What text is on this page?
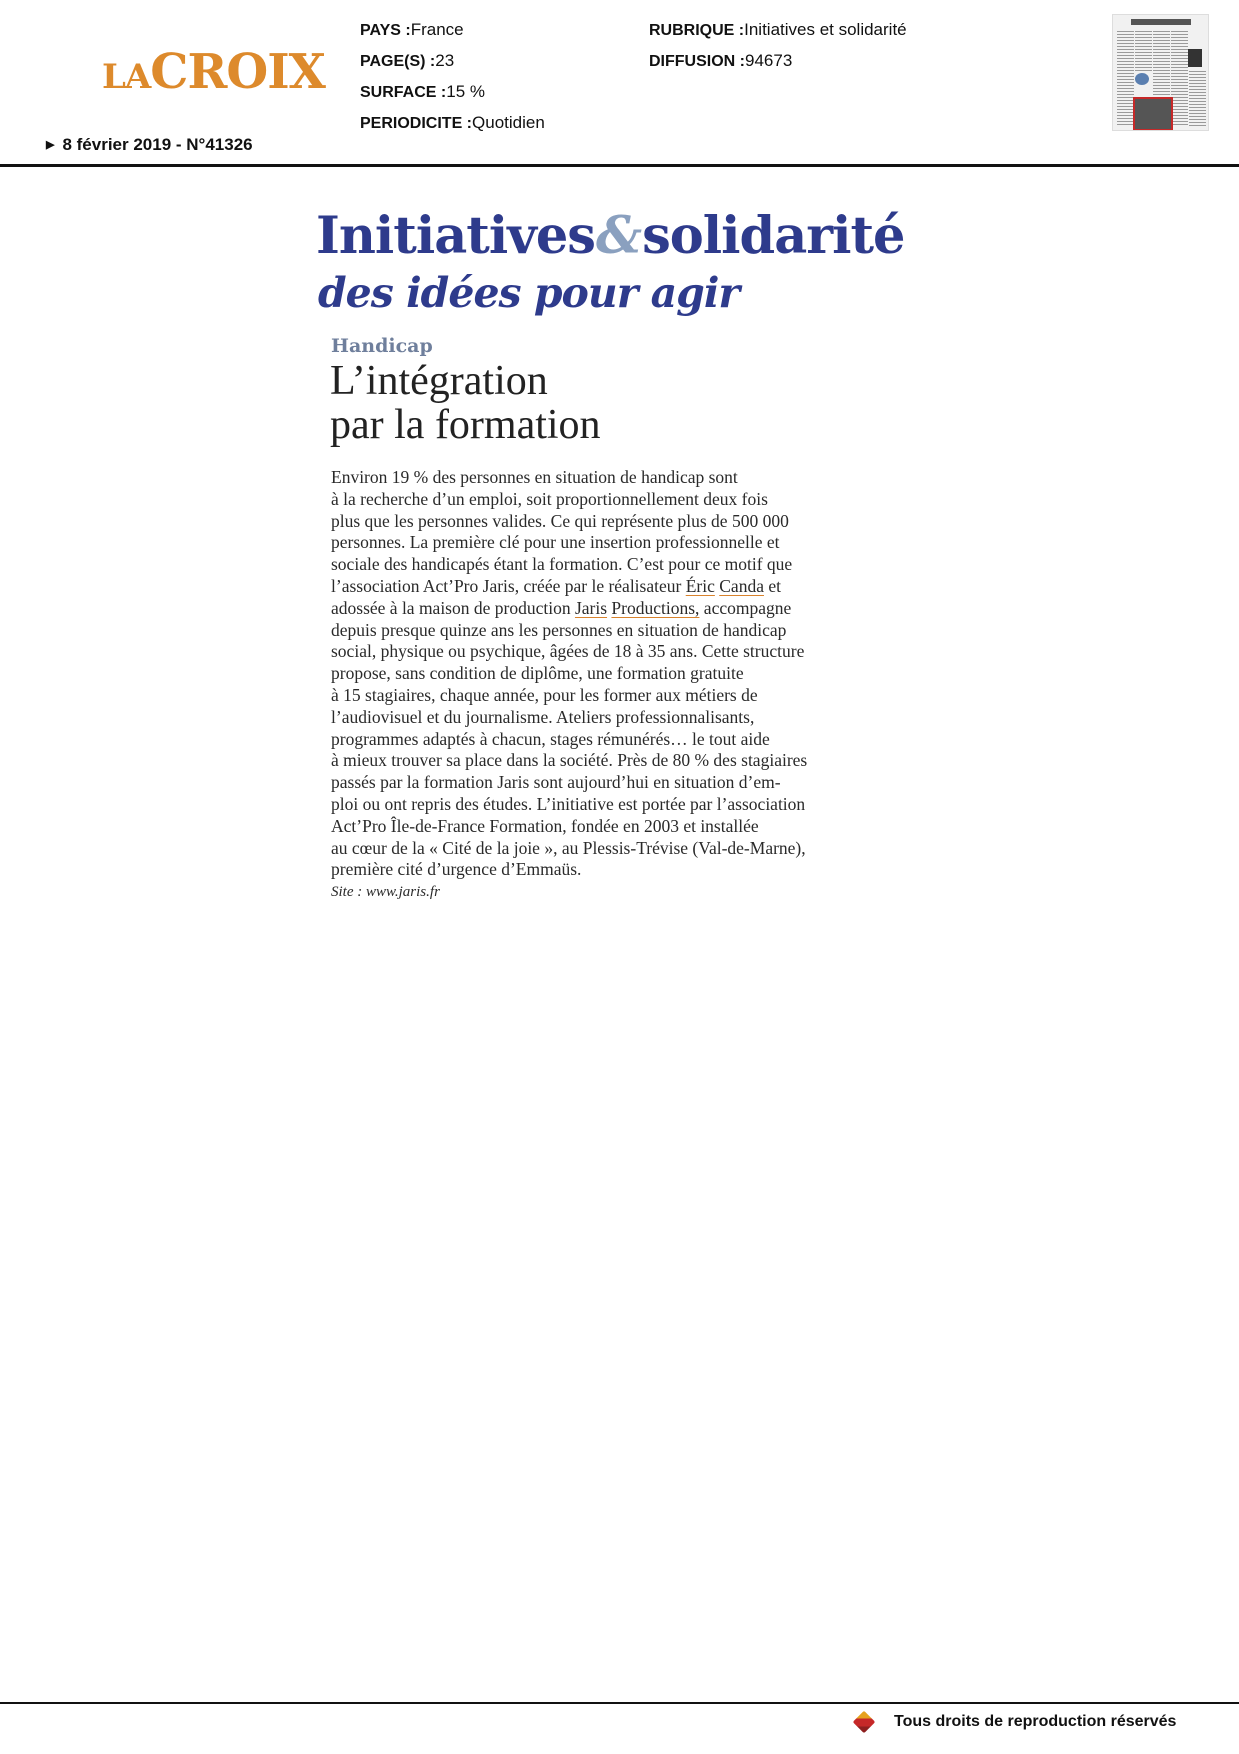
LACROIX
▶ 8 février 2019 - N°41326
PAYS :France
PAGE(S) :23
SURFACE :15 %
PERIODICITE :Quotidien
RUBRIQUE :Initiatives et solidarité
DIFFUSION :94673
Initiatives&solidarité
des idées pour agir
Handicap
L’intégration
par la formation
Environ 19 % des personnes en situation de handicap sont
à la recherche d’un emploi, soit proportionnellement deux fois
plus que les personnes valides. Ce qui représente plus de 500 000
personnes. La première clé pour une insertion professionnelle et
sociale des handicapés étant la formation. C’est pour ce motif que
l’association Act’Pro Jaris, créée par le réalisateur Éric Canda et
adossée à la maison de production Jaris Productions, accompagne
depuis presque quinze ans les personnes en situation de handicap
social, physique ou psychique, âgées de 18 à 35 ans. Cette structure
propose, sans condition de diplôme, une formation gratuite
à 15 stagiaires, chaque année, pour les former aux métiers de
l’audiovisuel et du journalisme. Ateliers professionnalisants,
programmes adaptés à chacun, stages rémunérés… le tout aide
à mieux trouver sa place dans la société. Près de 80 % des stagiaires
passés par la formation Jaris sont aujourd’hui en situation d’em-
ploi ou ont repris des études. L’initiative est portée par l’association
Act’Pro Île-de-France Formation, fondée en 2003 et installée
au cœur de la « Cité de la joie », au Plessis-Trévise (Val-de-Marne),
première cité d’urgence d’Emmaüs.
Site : www.jaris.fr
Tous droits de reproduction réservés
